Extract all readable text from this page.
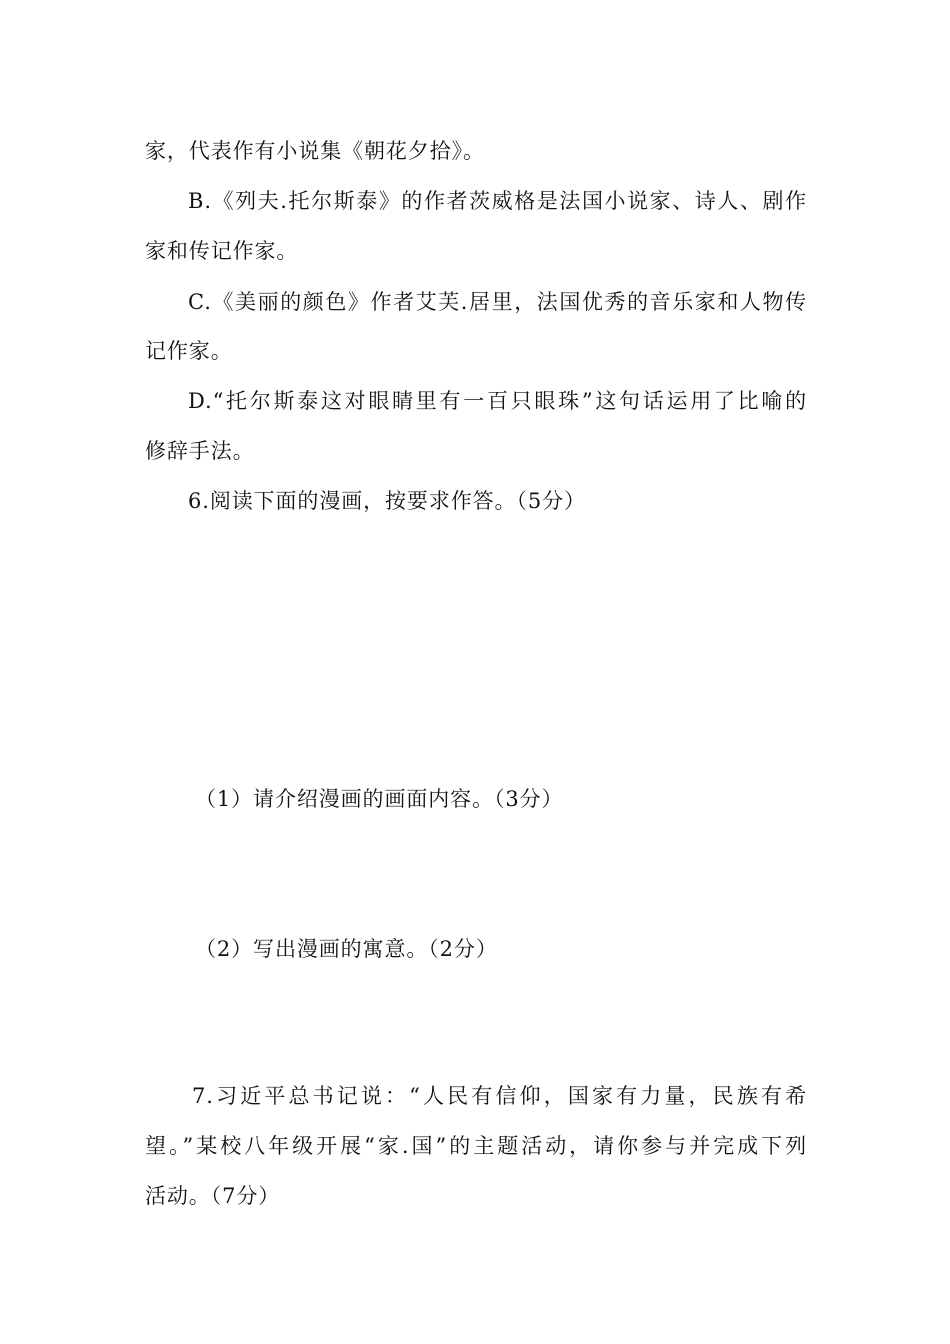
家，代表作有小说集《朝花夕拾》。
B.《列夫.托尔斯泰》的作者茨威格是法国小说家、诗人、剧作
家和传记作家。
C.《美丽的颜色》作者艾芙.居里，法国优秀的音乐家和人物传
记作家。
D.“托尔斯泰这对眼睛里有一百只眼珠”这句话运用了比喻的
修辞手法。
6.阅读下面的漫画，按要求作答。（5分）
（1）请介绍漫画的画面内容。（3分）
（2）写出漫画的寓意。（2分）
7.习近平总书记说：“人民有信仰，国家有力量，民族有希
望。”某校八年级开展“家.国”的主题活动，请你参与并完成下列
活动。（7分）
